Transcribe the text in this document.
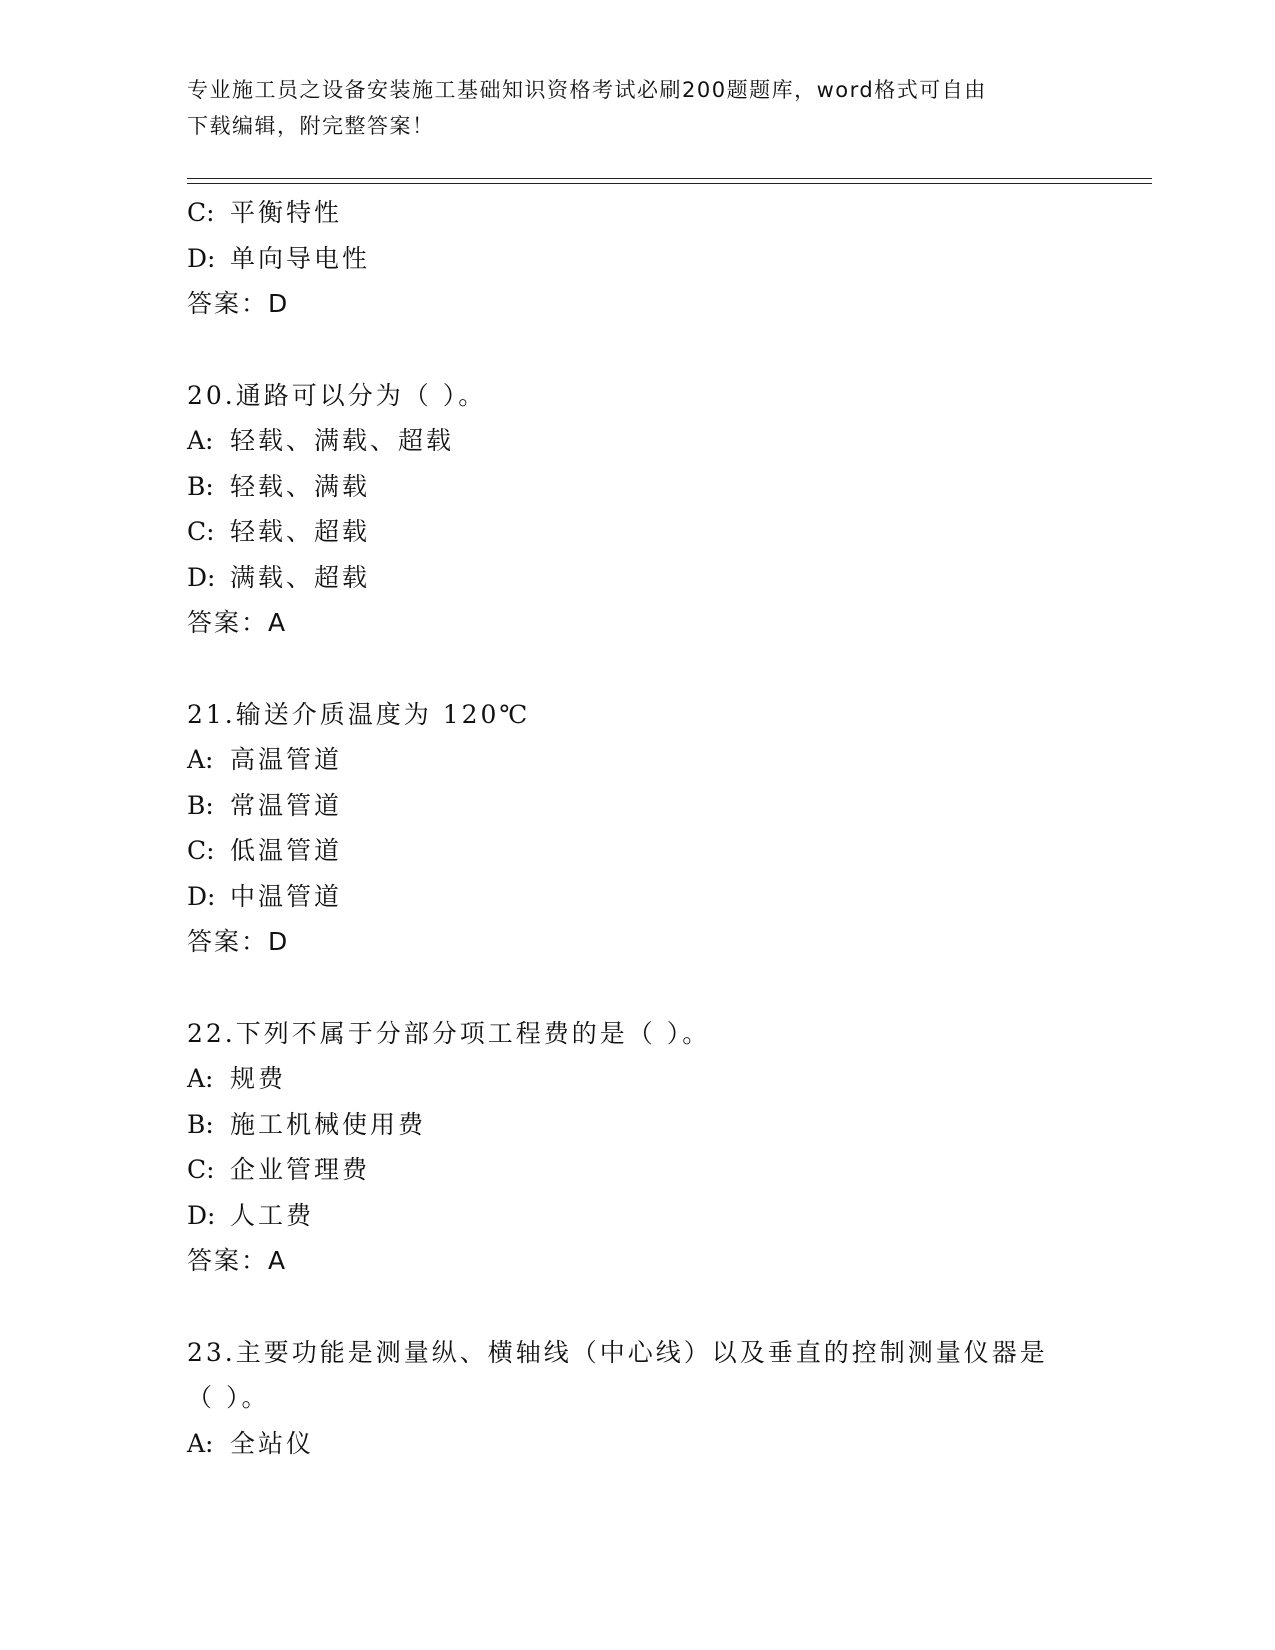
专业施工员之设备安装施工基础知识资格考试必刷200题题库，word格式可自由
下载编辑，附完整答案！
C: 平衡特性
D: 单向导电性
答案：D
20.通路可以分为（ ）。
A: 轻载、满载、超载
B: 轻载、满载
C: 轻载、超载
D: 满载、超载
答案：A
21.输送介质温度为 120℃
A: 高温管道
B: 常温管道
C: 低温管道
D: 中温管道
答案：D
22.下列不属于分部分项工程费的是（ ）。
A: 规费
B: 施工机械使用费
C: 企业管理费
D: 人工费
答案：A
23.主要功能是测量纵、横轴线（中心线）以及垂直的控制测量仪器是
（ ）。
A: 全站仪
